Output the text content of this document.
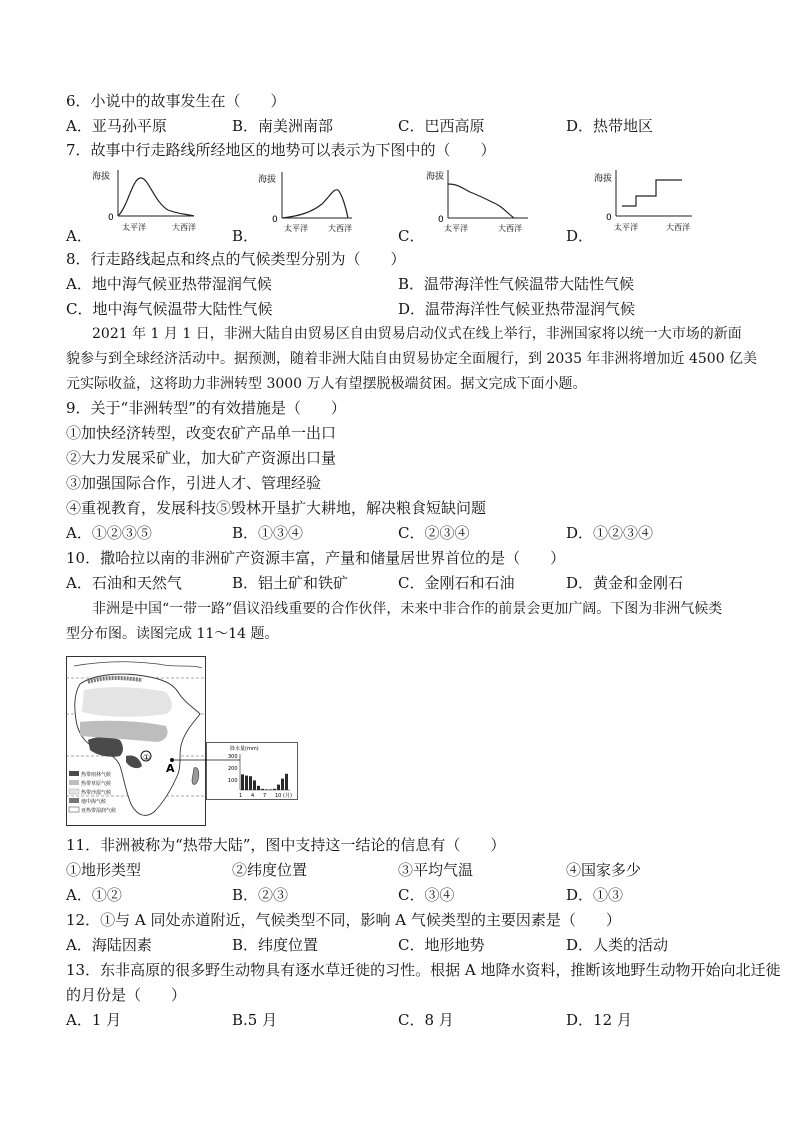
6．小说中的故事发生在（　　）
A．亚马孙平原	B．南美洲南部	C．巴西高原	D．热带地区
7．故事中行走路线所经地区的地势可以表示为下图中的（　　）
A．	B．	C．	D．
海拔
0
太平洋	大西洋
海拔
0
太平洋	大西洋
海拔
0
太平洋	大西洋
海拔
0
太平洋	大西洋
8．行走路线起点和终点的气候类型分别为（　　）
A．地中海气候亚热带湿润气候	B．温带海洋性气候温带大陆性气候
C．地中海气候温带大陆性气候	D．温带海洋性气候亚热带湿润气候
2021 年 1 月 1 日，非洲大陆自由贸易区自由贸易启动仪式在线上举行，非洲国家将以统一大市场的新面
貌参与到全球经济活动中。据预测，随着非洲大陆自由贸易协定全面履行，到 2035 年非洲将增加近 4500 亿美
元实际收益，这将助力非洲转型 3000 万人有望摆脱极端贫困。据文完成下面小题。
9．关于“非洲转型”的有效措施是（　　）
①加快经济转型，改变农矿产品单一出口
②大力发展采矿业，加大矿产资源出口量
③加强国际合作，引进人才、管理经验
④重视教育，发展科技⑤毁林开垦扩大耕地，解决粮食短缺问题
A．①②③⑤	B．①③④	C．②③④	D．①②③④
10．撒哈拉以南的非洲矿产资源丰富，产量和储量居世界首位的是（　　）
A．石油和天然气	B．铝土矿和铁矿	C．金刚石和石油	D．黄金和金刚石
非洲是中国“一带一路”倡议沿线重要的合作伙伴，未来中非合作的前景会更加广阔。下图为非洲气候类
型分布图。读图完成 11～14 题。
①
A
热带雨林气候
热带草原气候
热带沙漠气候
地中海气候
亚热带湿润气候
降水量(mm)
300
200
100
1 4 7 10 (月)
11．非洲被称为“热带大陆”，图中支持这一结论的信息有（　　）
①地形类型	②纬度位置	③平均气温	④国家多少
A．①②	B．②③	C．③④	D．①③
12．①与 A 同处赤道附近，气候类型不同，影响 A 气候类型的主要因素是（　　）
A．海陆因素	B．纬度位置	C．地形地势	D．人类的活动
13．东非高原的很多野生动物具有逐水草迁徙的习性。根据 A 地降水资料，推断该地野生动物开始向北迁徙
的月份是（　　）
A．1 月	B.5 月	C．8 月	D．12 月
